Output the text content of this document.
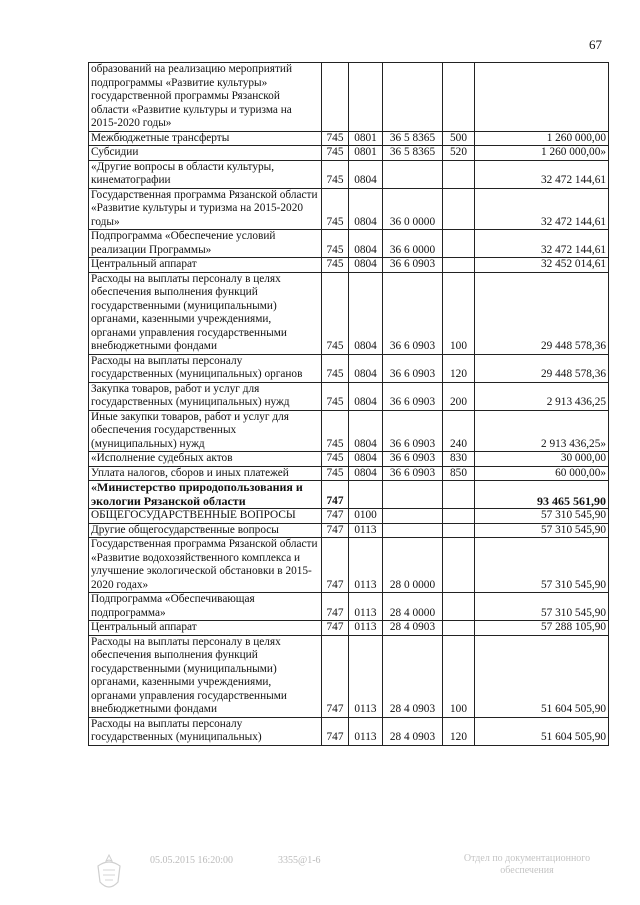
67
образований на реализацию мероприятий подпрограммы «Развитие культуры» государственной программы Рязанской области «Развитие культуры и туризма на 2015-2020 годы»					
Межбюджетные трансферты	745	0801	36 5 8365	500	1 260 000,00
Субсидии	745	0801	36 5 8365	520	1 260 000,00»
«Другие вопросы в области культуры, кинематографии	745	0804			32 472 144,61
Государственная программа Рязанской области «Развитие культуры и туризма на 2015-2020 годы»	745	0804	36 0 0000		32 472 144,61
Подпрограмма «Обеспечение условий реализации Программы»	745	0804	36 6 0000		32 472 144,61
Центральный аппарат	745	0804	36 6 0903		32 452 014,61
Расходы на выплаты персоналу в целях обеспечения выполнения функций государственными (муниципальными) органами, казенными учреждениями, органами управления государственными внебюджетными фондами	745	0804	36 6 0903	100	29 448 578,36
Расходы на выплаты персоналу государственных (муниципальных) органов	745	0804	36 6 0903	120	29 448 578,36
Закупка товаров, работ и услуг для государственных (муниципальных) нужд	745	0804	36 6 0903	200	2 913 436,25
Иные закупки товаров, работ и услуг для обеспечения государственных (муниципальных) нужд	745	0804	36 6 0903	240	2 913 436,25»
«Исполнение судебных актов	745	0804	36 6 0903	830	30 000,00
Уплата налогов, сборов и иных платежей	745	0804	36 6 0903	850	60 000,00»
«Министерство природопользования и экологии Рязанской области	747				93 465 561,90
ОБЩЕГОСУДАРСТВЕННЫЕ ВОПРОСЫ	747	0100			57 310 545,90
Другие общегосударственные вопросы	747	0113			57 310 545,90
Государственная программа Рязанской области «Развитие водохозяйственного комплекса и улучшение экологической обстановки в 2015-2020 годах»	747	0113	28 0 0000		57 310 545,90
Подпрограмма «Обеспечивающая подпрограмма»	747	0113	28 4 0000		57 310 545,90
Центральный аппарат	747	0113	28 4 0903		57 288 105,90
Расходы на выплаты персоналу в целях обеспечения выполнения функций государственными (муниципальными) органами, казенными учреждениями, органами управления государственными внебюджетными фондами	747	0113	28 4 0903	100	51 604 505,90
Расходы на выплаты персоналу государственных (муниципальных)	747	0113	28 4 0903	120	51 604 505,90
05.05.2015 16:20:00	3355@1-6	Отдел по документационного обеспечения
